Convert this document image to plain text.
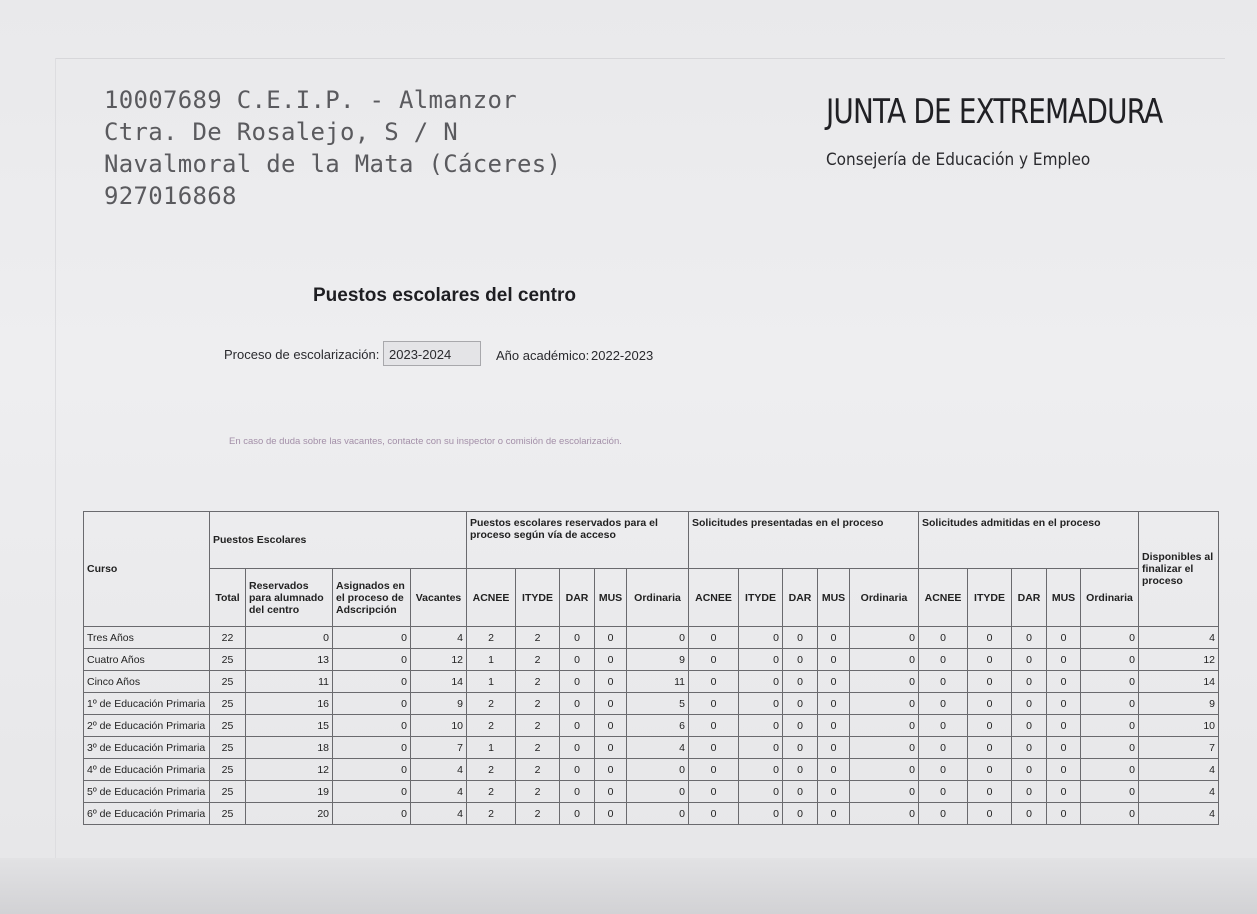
10007689 C.E.I.P. - Almanzor
Ctra. De Rosalejo, S / N
Navalmoral de la Mata (Cáceres)
927016868
JUNTA DE EXTREMADURA
Consejería de Educación y Empleo
Puestos escolares del centro
Proceso de escolarización: 2023-2024	Año académico: 2022-2023
En caso de duda sobre las vacantes, contacte con su inspector o comisión de escolarización.
Curso	Puestos Escolares				Puestos escolares reservados para el proceso según vía de acceso					Solicitudes presentadas en el proceso					Solicitudes admitidas en el proceso					Disponibles al finalizar el proceso
	Total	Reservados para alumnado del centro	Asignados en el proceso de Adscripción	Vacantes	ACNEE	ITYDE	DAR	MUS	Ordinaria	ACNEE	ITYDE	DAR	MUS	Ordinaria	ACNEE	ITYDE	DAR	MUS	Ordinaria	
Tres Años	22	0	0	4	2	2	0	0	0	0	0	0	0	0	0	0	0	0	0	4
Cuatro Años	25	13	0	12	1	2	0	0	9	0	0	0	0	0	0	0	0	0	0	12
Cinco Años	25	11	0	14	1	2	0	0	11	0	0	0	0	0	0	0	0	0	0	14
1º de Educación Primaria	25	16	0	9	2	2	0	0	5	0	0	0	0	0	0	0	0	0	0	9
2º de Educación Primaria	25	15	0	10	2	2	0	0	6	0	0	0	0	0	0	0	0	0	0	10
3º de Educación Primaria	25	18	0	7	1	2	0	0	4	0	0	0	0	0	0	0	0	0	0	7
4º de Educación Primaria	25	12	0	4	2	2	0	0	0	0	0	0	0	0	0	0	0	0	0	4
5º de Educación Primaria	25	19	0	4	2	2	0	0	0	0	0	0	0	0	0	0	0	0	0	4
6º de Educación Primaria	25	20	0	4	2	2	0	0	0	0	0	0	0	0	0	0	0	0	0	4
